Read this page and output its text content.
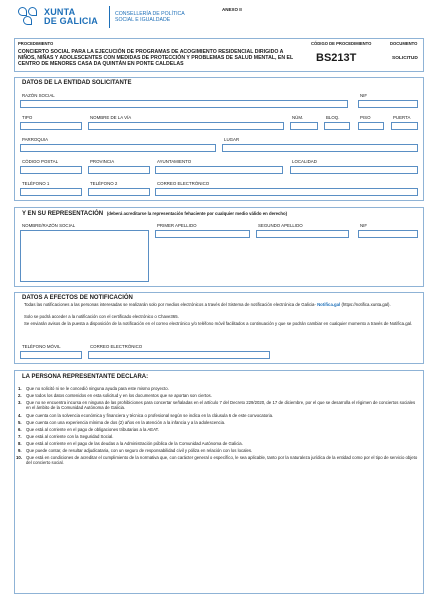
XUNTA
DE GALICIA
CONSELLERÍA DE POLÍTICA SOCIAL E IGUALDADE
ANEXO II
PROCEDIMIENTO	CÓDIGO DE PROCEDIMIENTO	DOCUMENTO
CONCIERTO SOCIAL PARA LA EJECUCIÓN DE PROGRAMAS DE ACOGIMIENTO RESIDENCIAL DIRIGIDO A NIÑOS, NIÑAS Y ADOLESCENTES CON MEDIDAS DE PROTECCIÓN Y PROBLEMAS DE SALUD MENTAL, EN EL CENTRO DE MENORES CASA DA QUINTÁN EN PONTE CALDELAS
BS213T	SOLICITUD
DATOS DE LA ENTIDAD SOLICITANTE
RAZÓN SOCIAL	NIF
TIPO	NOMBRE DE LA VÍA	NÚM.	BLOQ.	PISO	PUERTA
PARROQUIA	LUGAR
CÓDIGO POSTAL	PROVINCIA	AYUNTAMIENTO	LOCALIDAD
TELÉFONO 1	TELÉFONO 2	CORREO ELECTRÓNICO
Y EN SU REPRESENTACIÓN (deberá acreditarse la representación fehaciente por cualquier medio válido en derecho)
NOMBRE/RAZÓN SOCIAL	PRIMER APELLIDO	SEGUNDO APELLIDO	NIF
DATOS A EFECTOS DE NOTIFICACIÓN
Todas las notificaciones a las personas interesadas se realizarán solo por medios electrónicos a través del Sistema de notificación electrónica de Galicia- Notifica.gal (https://notifica.xunta.gal).
Solo se podrá acceder a la notificación con el certificado electrónico o Chave365.
Se enviarán avisos de la puesta a disposición de la notificación en el correo electrónico y/o teléfono móvil facilitados a continuación y que se podrán cambiar en cualquier momento a través de Notifica.gal.
TELÉFONO MÓVIL	CORREO ELECTRÓNICO
LA PERSONA REPRESENTANTE DECLARA:
1. Que no solicitó ni se le concedió ninguna ayuda para este mismo proyecto.
2. Que todos los datos contenidos en esta solicitud y en los documentos que se aportan son ciertos.
3. Que no se encuentra incursa en ninguna de las prohibiciones para concertar señaladas en el artículo 7 del Decreto 229/2020, de 17 de diciembre, por el que se desarrolla el régimen de conciertos sociales en el ámbito de la Comunidad Autónoma de Galicia.
4. Que cuenta con la solvencia económica y financiera y técnica o profesional según se indica en la cláusula 6 de este convocatoria.
5. Que cuenta con una experiencia mínima de dos (2) años en la atención a la infancia y a la adolescencia.
6. Que está al corriente en el pago de obligaciones tributarias a la AEAT.
7. Que está al corriente con la Seguridad Social.
8. Que está al corriente en el pago de las deudas a la Administración pública de la Comunidad Autónoma de Galicia.
9. Que puede contar, de resultar adjudicataria, con un seguro de responsabilidad civil y póliza en relación con los locales.
10. Que está en condiciones de acreditar el cumplimiento de la normativa que, con carácter general o específico, le sea aplicable, tanto por la naturaleza jurídica de la entidad como por el tipo de servicio objeto del concierto social.
